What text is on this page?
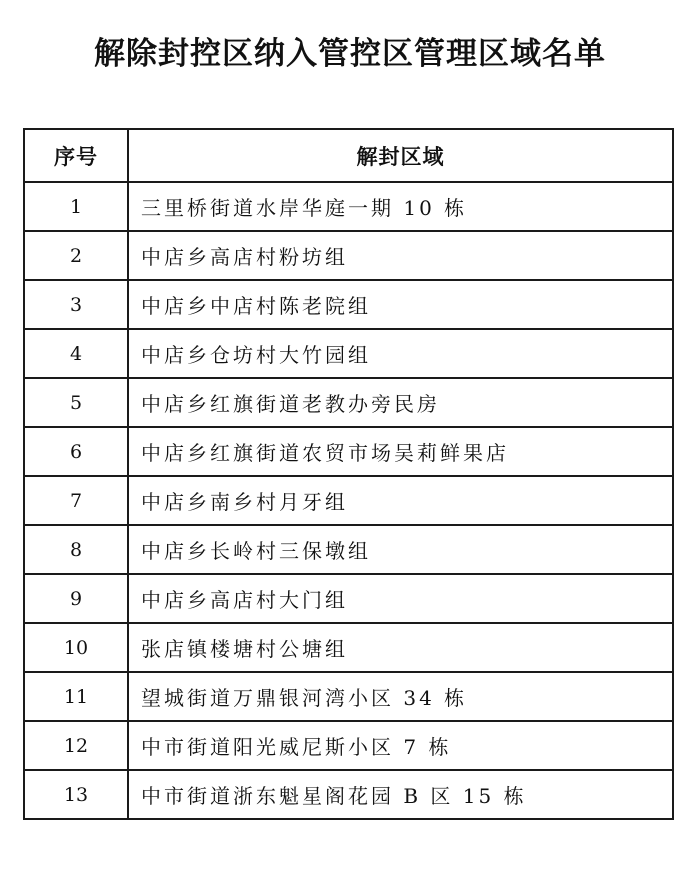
解除封控区纳入管控区管理区域名单
序号	解封区域
1	三里桥街道水岸华庭一期 10 栋
2	中店乡高店村粉坊组
3	中店乡中店村陈老院组
4	中店乡仓坊村大竹园组
5	中店乡红旗街道老教办旁民房
6	中店乡红旗街道农贸市场吴莉鲜果店
7	中店乡南乡村月牙组
8	中店乡长岭村三保墩组
9	中店乡高店村大门组
10	张店镇楼塘村公塘组
11	望城街道万鼎银河湾小区 34 栋
12	中市街道阳光威尼斯小区 7 栋
13	中市街道浙东魁星阁花园 B 区 15 栋
